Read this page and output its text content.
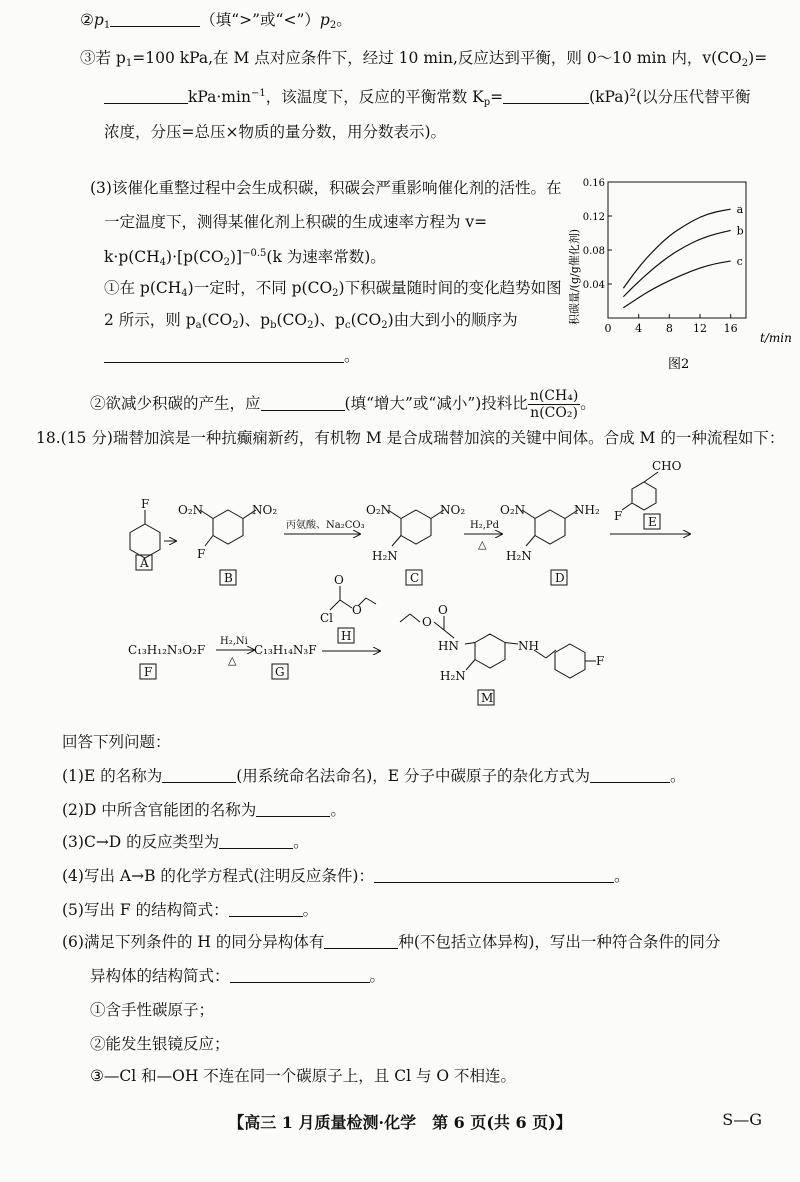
$②p_1$	（填“>”或“$<”)p_2$。
③若 $p_1=100$ kPa,在 M 点对应条件下，经过 10 min,反应达到平衡，则 0～10 min 内，$v(CO_2)=$
$kPa\cdot\min^{-1}$，该温度下，反应的平衡常数 $K_p=$	(kPa)$^2$(以分压代替平衡
浓度，分压=总压×物质的量分数，用分数表示)。
(3)该催化重整过程中会生成积碳，积碳会严重影响催化剂的活性。在
一定温度下，测得某催化剂上积碳的生成速率方程为 v=
$k\cdot p(CH_4)\cdot[p(CO_2)]^{-0.5}(k$ 为速率常数)。
①在 $p(CH_4)$一定时，不同 $p(CO_2)$下积碳量随时间的变化趋势如图
2 所示，则 $p_a(CO_2)$、$p_b(CO_2)$、$p_c(CO_2)$由大到小的顺序为
。
②欲减少积碳的产生，应	(填“增大”或“减小”)投料比 $\frac{\text{n(CH₄)}}{\text{n(CO₂)}}$ 。
0 4 8 12 16
0.04
0.08
0.12
0.16
a
b
c
积碳量/(g/g催化剂)
t/min
图2
18.(15 分)瑞替加滨是一种抗癫痫新药，有机物 M 是合成瑞替加滨的关键中间体。合成 M 的一种流程如下：
F O₂N	NO₂
F
O₂N	NO₂
H₂N
O₂N	NH₂
H₂N
CHO
F
O
Cl
O
O
O
HN	NH
H₂N
F
丙氨酸、Na₂CO₃	H₂,Pd
△
H₂,Ni
△
C₁₃H₁₂N₃O₂F	C₁₃H₁₄N₃F
A
B	C	D
E
F	G
H
M
回答下列问题：
(1)E 的名称为	(用系统命名法命名)，E 分子中碳原子的杂化方式为	。
(2)D 中所含官能团的名称为	。
(3)C→D 的反应类型为	。
(4)写出 A→B 的化学方程式(注明反应条件)：	。
(5)写出 F 的结构简式：	。
(6)满足下列条件的 H 的同分异构体有	种(不包括立体异构)，写出一种符合条件的同分
异构体的结构简式：	。
①含手性碳原子；
②能发生银镜反应；
③—Cl 和—OH 不连在同一个碳原子上，且 Cl 与 O 不相连。
【高三 1 月质量检测·化学　第 6 页(共 6 页)】	S—G
